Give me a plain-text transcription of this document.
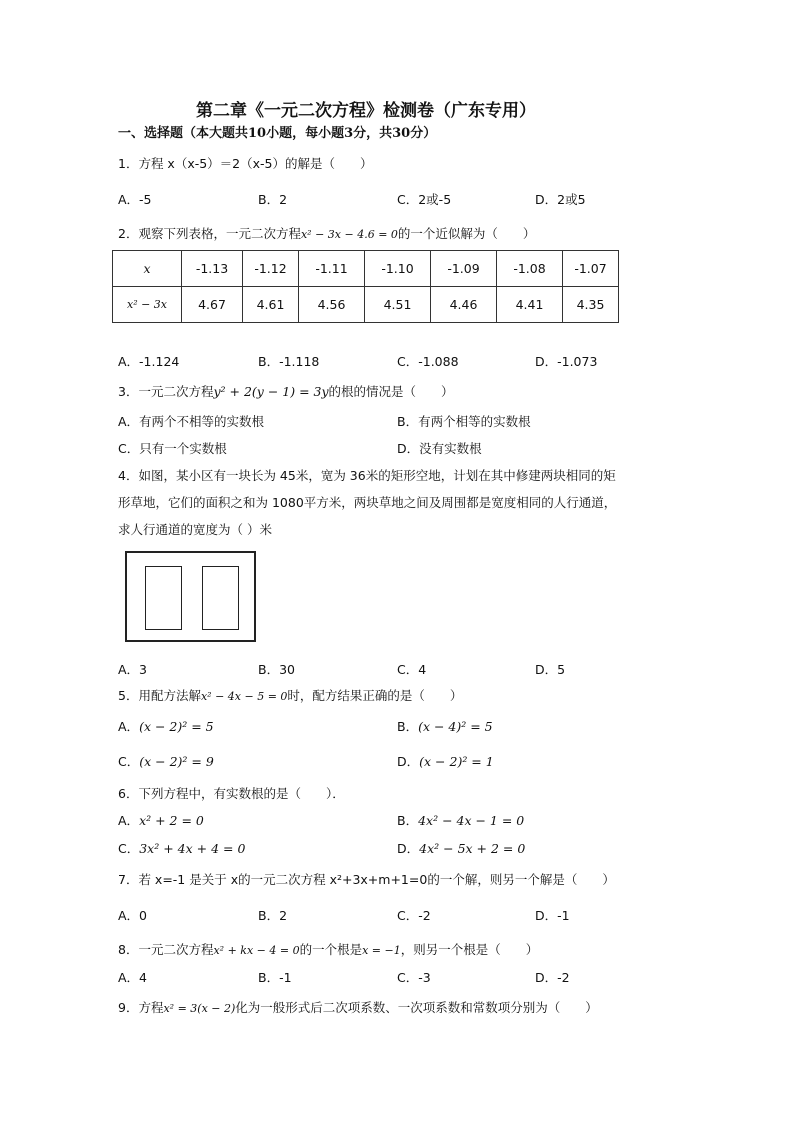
第二章《一元二次方程》检测卷（广东专用）
一、选择题（本大题共10小题，每小题3分，共30分）
1．方程 x（x-5）＝2（x-5）的解是（　　）
A．-5	B．2	C．2或-5	D．2或5
2．观察下列表格，一元二次方程x² − 3x − 4.6 = 0的一个近似解为（　　）
x	-1.13	-1.12	-1.11	-1.10	-1.09	-1.08	-1.07
x² − 3x	4.67	4.61	4.56	4.51	4.46	4.41	4.35
A．-1.124	B．-1.118	C．-1.088	D．-1.073
3．一元二次方程y² + 2(y − 1) = 3y的根的情况是（　　）
A．有两个不相等的实数根	B．有两个相等的实数根
C．只有一个实数根	D．没有实数根
4．如图，某小区有一块长为 45米，宽为 36米的矩形空地，计划在其中修建两块相同的矩
形草地，它们的面积之和为 1080平方米，两块草地之间及周围都是宽度相同的人行通道，
求人行通道的宽度为（ ）米
A．3	B．30	C．4	D．5
5．用配方法解x² − 4x − 5 = 0时，配方结果正确的是（　　）
A．(x − 2)² = 5	B．(x − 4)² = 5
C．(x − 2)² = 9	D．(x − 2)² = 1
6．下列方程中，有实数根的是（　　）．
A．x² + 2 = 0	B．4x² − 4x − 1 = 0
C．3x² + 4x + 4 = 0	D．4x² − 5x + 2 = 0
7．若 x=-1 是关于 x的一元二次方程 x²+3x+m+1=0的一个解，则另一个解是（　　）
A．0	B．2	C．-2	D．-1
8．一元二次方程x² + kx − 4 = 0的一个根是x = −1，则另一个根是（　　）
A．4	B．-1	C．-3	D．-2
9．方程x² = 3(x − 2)化为一般形式后二次项系数、一次项系数和常数项分别为（　　）
